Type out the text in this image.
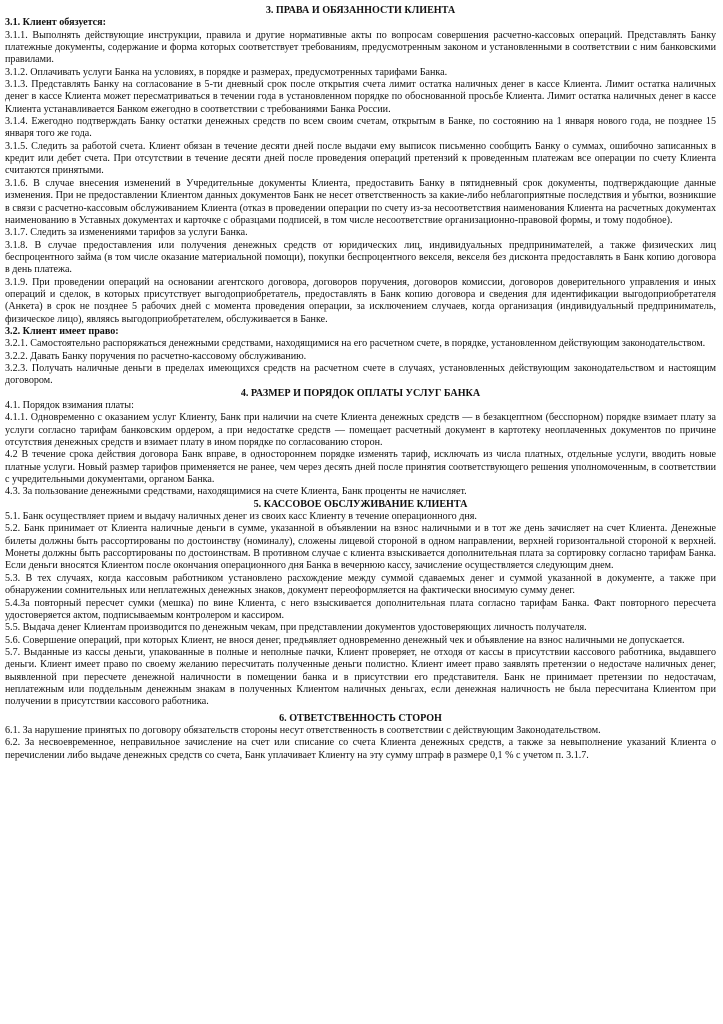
3. ПРАВА И ОБЯЗАННОСТИ КЛИЕНТА
3.1. Клиент обязуется:
3.1.1. Выполнять действующие инструкции, правила и другие нормативные акты по вопросам совершения расчетно-кассовых операций. Представлять Банку платежные документы, содержание и форма которых соответствует требованиям, предусмотренным законом и установленными в соответствии с ним банковскими правилами.
3.1.2. Оплачивать услуги Банка на условиях, в порядке и размерах, предусмотренных тарифами Банка.
3.1.3. Представлять Банку на согласование в 5-ти дневный срок после открытия счета лимит остатка наличных денег в кассе Клиента. Лимит остатка наличных денег в кассе Клиента может пересматриваться в течении года в установленном порядке по обоснованной просьбе Клиента. Лимит остатка наличных денег в кассе Клиента устанавливается Банком ежегодно в соответствии с требованиями Банка России.
3.1.4. Ежегодно подтверждать Банку остатки денежных средств по всем своим счетам, открытым в Банке, по состоянию на 1 января нового года, не позднее 15 января того же года.
3.1.5. Следить за работой счета. Клиент обязан в течение десяти дней после выдачи ему выписок письменно сообщить Банку о суммах, ошибочно записанных в кредит или дебет счета. При отсутствии в течение десяти дней после проведения операций претензий к проведенным платежам все операции по счету Клиента считаются принятыми.
3.1.6. В случае внесения изменений в Учредительные документы Клиента, предоставить Банку в пятидневный срок документы, подтверждающие данные изменения. При не предоставлении Клиентом данных документов Банк не несет ответственность за какие-либо неблагоприятные последствия и убытки, возникшие в связи с расчетно-кассовым обслуживанием Клиента (отказ в проведении операции по счету из-за несоответствия наименования Клиента на расчетных документах наименованию в Уставных документах и карточке с образцами подписей, в том числе несоответствие организационно-правовой формы, и тому подобное).
3.1.7. Следить за изменениями тарифов за услуги Банка.
3.1.8. В случае предоставления или получения денежных средств от юридических лиц, индивидуальных предпринимателей, а также физических лиц беспроцентного займа (в том числе оказание материальной помощи), покупки беспроцентного векселя, векселя без дисконта предоставлять в Банк копию договора в день платежа.
3.1.9. При проведении операций на основании агентского договора, договоров поручения, договоров комиссии, договоров доверительного управления и иных операций и сделок, в которых присутствует выгодоприобретатель, предоставлять в Банк копию договора и сведения для идентификации выгодоприобретателя (Анкета) в срок не позднее 5 рабочих дней с момента проведения операции, за исключением случаев, когда организация (индивидуальный предприниматель, физическое лицо), являясь выгодоприобретателем, обслуживается в Банке.
3.2. Клиент имеет право:
3.2.1. Самостоятельно распоряжаться денежными средствами, находящимися на его расчетном счете, в порядке, установленном действующим законодательством.
3.2.2. Давать Банку поручения по расчетно-кассовому обслуживанию.
3.2.3. Получать наличные деньги в пределах имеющихся средств на расчетном счете в случаях, установленных действующим законодательством и настоящим договором.
4. РАЗМЕР И ПОРЯДОК ОПЛАТЫ УСЛУГ БАНКА
4.1. Порядок взимания платы:
4.1.1. Одновременно с оказанием услуг Клиенту, Банк при наличии на счете Клиента денежных средств — в безакцептном (бесспорном) порядке взимает плату за услуги согласно тарифам банковским ордером, а при недостатке средств — помещает расчетный документ в картотеку неоплаченных документов по причине отсутствия денежных средств и взимает плату в ином порядке по согласованию сторон.
4.2 В течение срока действия договора Банк вправе, в одностороннем порядке изменять тариф, исключать из числа платных, отдельные услуги, вводить новые платные услуги. Новый размер тарифов применяется не ранее, чем через десять дней после принятия соответствующего решения уполномоченным, в соответствии с учредительными документами, органом Банка.
4.3. За пользование денежными средствами, находящимися на счете Клиента, Банк проценты не начисляет.
5. КАССОВОЕ ОБСЛУЖИВАНИЕ КЛИЕНТА
5.1. Банк осуществляет прием и выдачу наличных денег из своих касс Клиенту в течение операционного дня.
5.2. Банк принимает от Клиента наличные деньги в сумме, указанной в объявлении на взнос наличными и в тот же день зачисляет на счет Клиента. Денежные билеты должны быть рассортированы по достоинству (номиналу), сложены лицевой стороной в одном направлении, верхней горизонтальной стороной к верхней. Монеты должны быть рассортированы по достоинствам. В противном случае с клиента взыскивается дополнительная плата за сортировку согласно тарифам Банка. Если деньги вносятся Клиентом после окончания операционного дня Банка в вечернюю кассу, зачисление осуществляется следующим днем.
5.3. В тех случаях, когда кассовым работником установлено расхождение между суммой сдаваемых денег и суммой указанной в документе, а также при обнаружении сомнительных или неплатежных денежных знаков, документ переоформляется на фактически вносимую сумму денег.
5.4.За повторный пересчет сумки (мешка) по вине Клиента, с него взыскивается дополнительная плата согласно тарифам Банка. Факт повторного пересчета удостоверяется актом, подписываемым контролером и кассиром.
5.5. Выдача денег Клиентам производится по денежным чекам, при представлении документов удостоверяющих личность получателя.
5.6. Совершение операций, при которых Клиент, не внося денег, предъявляет одновременно денежный чек и объявление на взнос наличными не допускается.
5.7. Выданные из кассы деньги, упакованные в полные и неполные пачки, Клиент проверяет, не отходя от кассы в присутствии кассового работника, выдавшего деньги. Клиент имеет право по своему желанию пересчитать полученные деньги полистно. Клиент имеет право заявлять претензии о недостаче наличных денег, выявленной при пересчете денежной наличности в помещении банка и в присутствии его представителя. Банк не принимает претензии по недостачам, неплатежным или поддельным денежным знакам в полученных Клиентом наличных деньгах, если денежная наличность не была пересчитана Клиентом при получении в присутствии кассового работника.
6. ОТВЕТСТВЕННОСТЬ СТОРОН
6.1. За нарушение принятых по договору обязательств стороны несут ответственность в соответствии с действующим Законодательством.
6.2. За несвоевременное, неправильное зачисление на счет или списание со счета Клиента денежных средств, а также за невыполнение указаний Клиента о перечислении либо выдаче денежных средств со счета, Банк уплачивает Клиенту на эту сумму штраф в размере 0,1 % с учетом п. 3.1.7.
